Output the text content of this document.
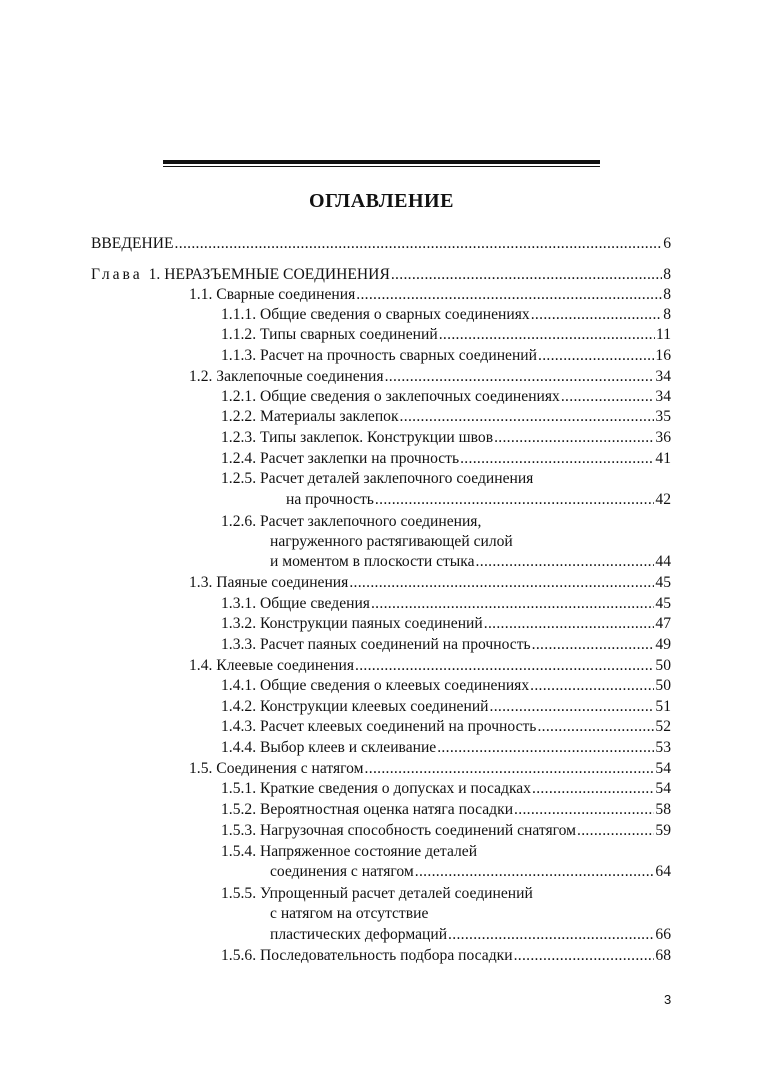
ОГЛАВЛЕНИЕ
ВВЕДЕНИЕ .....	6
Глава 1. НЕРАЗЪЕМНЫЕ СОЕДИНЕНИЯ .....	8
1.1. Сварные соединения .....	8
1.1.1. Общие сведения о сварных соединениях .....	8
1.1.2. Типы сварных соединений .....	11
1.1.3. Расчет на прочность сварных соединений .....	16
1.2. Заклепочные соединения .....	34
1.2.1. Общие сведения о заклепочных соединениях .....	34
1.2.2. Материалы заклепок .....	35
1.2.3. Типы заклепок. Конструкции швов .....	36
1.2.4. Расчет заклепки на прочность .....	41
1.2.5. Расчет деталей заклепочного соединения
на прочность .....	42
1.2.6. Расчет заклепочного соединения,
нагруженного растягивающей силой
и моментом в плоскости стыка .....	44
1.3. Паяные соединения .....	45
1.3.1. Общие сведения .....	45
1.3.2. Конструкции паяных соединений .....	47
1.3.3. Расчет паяных соединений на прочность .....	49
1.4. Клеевые соединения .....	50
1.4.1. Общие сведения о клеевых соединениях .....	50
1.4.2. Конструкции клеевых соединений .....	51
1.4.3. Расчет клеевых соединений на прочность .....	52
1.4.4. Выбор клеев и склеивание .....	53
1.5. Соединения с натягом .....	54
1.5.1. Краткие сведения о допусках и посадках .....	54
1.5.2. Вероятностная оценка натяга посадки .....	58
1.5.3. Нагрузочная способность соединений снатягом .....	59
1.5.4. Напряженное состояние деталей
соединения с натягом .....	64
1.5.5. Упрощенный расчет деталей соединений
с натягом на отсутствие
пластических деформаций .....	66
1.5.6. Последовательность подбора посадки .....	68
3
